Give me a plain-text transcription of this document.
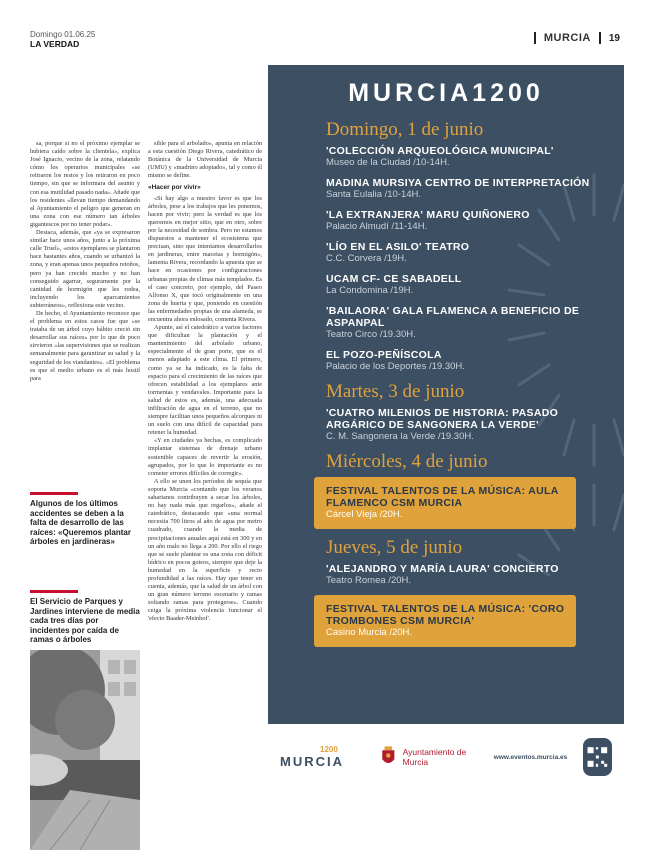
Domingo 01.06.25
LA VERDAD	MURCIA	19

sa, porque si no el próximo ejemplar se hubiera caído sobre la clientela», explica José Ignacio, vecino de la zona, relatando cómo los operarios municipales «se retiraron los restos y los retiraron en poco tiempo, sin que se informara del asunto y con esa inutilidad pasado nada». Añade que los residentes «llevan tiempo demandando al Ayuntamiento el peligro que generan en una zona con ese número tan árboles gigantescos por no tener podar».

Destaca, además, que «ya se expresaron similar hace unos años, junto a la próxima calle Truel», «estos ejemplares se plantaron hace bastantes años, cuando se urbanizó la zona, y eran apenas unos pequeños retoños, pero ya han crecido mucho y no han conseguido agarrar, seguramente por la cantidad de hormigón que les rodea, incluyendo los aparcamientos subterráneos», reflexiona este vecino.

De hecho, el Ayuntamiento reconoce que el problema en estos casos fue que «se trataba de un árbol cuyo hábito creció sin desarrollar sus raíces» por lo que de poco sirvieron «las supervisiones que se realizan semanalmente para garantizar su salud y la seguridad de los viandantes». «El problema es que el medio urbano es el más hostil para

sible para el arbolado», apunta en relación a esta cuestión Diego Rivera, catedrático de Botánica de la Universidad de Murcia (UMU) y «madrino adoptado», tal y como él mismo se define.

«Hacer por vivir»

«Si hay algo a nuestro favor es que los árboles, pese a los trabajos que les ponemos, hacen por vivir; pero la verdad es que los queremos en mejor sitio, que en otro, sobre por la necesidad de sombra. Pero no estamos dispuestos a mantener el ecosistema que precisan, sino que intentamos desarrollarlos en jardineras, entre macetas y hormigón», lamenta Rivera, recordando la apuesta que se hace en ocasiones por configuraciones urbanas propias de climas más templados. Es el caso concreto, por ejemplo, del Paseo Alfonso X, que tocó originalmente en una zona de huerta y que, poniendo en cuestión las enfermedades propias de una alameda, se encuentra ahora enlosado, comenta Rivera.

Apunte, así el catedrático a varios factores que dificultan la plantación y el mantenimiento del arbolado urbano, especialmente el de gran porte, que es el menos adaptado a este clima. El primero, como ya se ha indicado, es la falta de espacio para el crecimiento de las raíces que ofrecen estabilidad a los ejemplares ante tormentas y vendavales. Importante para la salud de estos es, además, una adecuada infiltración de agua en el terreno, que no siempre facilitan unos pequeños alcorques ni un suelo con una difícil de capacidad para retener la humedad.

«Y en ciudades ya hechas, es complicado implantar sistemas de drenaje urbano sostenible capaces de revertir la erosión, agrupados, por lo que lo importante es no cometer errores difíciles de corregir».

A ello se unen los períodos de sequía que soporta Murcia «contando que los veranos saharianos contribuyen a secar los árboles, no hay nada más que regarlos», añade el catedrático, destacando que «una normal necesita 700 litros al año de agua por metro cuadrado, cuando la media de precipitaciones anuales aquí está en 300 y en un año malo no llega a 200. Por ello el riego que se suele plantear es una zona con déficit hídrico en pocos goteos, siempre que deje la humedad en la superficie y recto profundidad a las raíces. Hay que tener en cuenta, además, que la salud de un árbol con un gran número terreno escenario y ramas soltando ramas para protegerse». Cuando ceiga la próxima violencia funcionar el 'efecto Baader-Meinhof'.

Algunos de los últimos accidentes se deben a la falta de desarrollo de las raíces: «Queremos plantar árboles en jardineras»
El Servicio de Parques y Jardines interviene de media cada tres días por incidentes por caída de ramas o árboles
MURCIA1200
Domingo, 1 de junio
'COLECCIÓN ARQUEOLÓGICA MUNICIPAL'
Museo de la Ciudad /10-14H.
MADINA MURSIYA CENTRO DE INTERPRETACIÓN
Santa Eulalia /10-14H.
'LA EXTRANJERA' MARU QUIÑONERO
Palacio Almudí /11-14H.
'LÍO EN EL ASILO' TEATRO
C.C. Corvera /19H.
UCAM CF- CE SABADELL
La Condomina /19H.
'BAILAORA' GALA FLAMENCA A BENEFICIO DE ASPANPAL
Teatro Circo /19.30H.
EL POZO-PEÑÍSCOLA
Palacio de los Deportes /19.30H.
Martes, 3 de junio
'CUATRO MILENIOS DE HISTORIA: PASADO ARGÁRICO DE SANGONERA LA VERDE'
C. M. Sangonera la Verde /19.30H.
Miércoles, 4 de junio
FESTIVAL TALENTOS DE LA MÚSICA: AULA FLAMENCO CSM MURCIA
Cárcel Vieja /20H.
Jueves, 5 de junio
'ALEJANDRO Y MARÍA LAURA' CONCIERTO
Teatro Romea /20H.
FESTIVAL TALENTOS DE LA MÚSICA: 'CORO TROMBONES CSM MURCIA'
Casino Murcia /20H.
1200
MURCIA
Ayuntamiento de Murcia	www.eventos.murcia.es
